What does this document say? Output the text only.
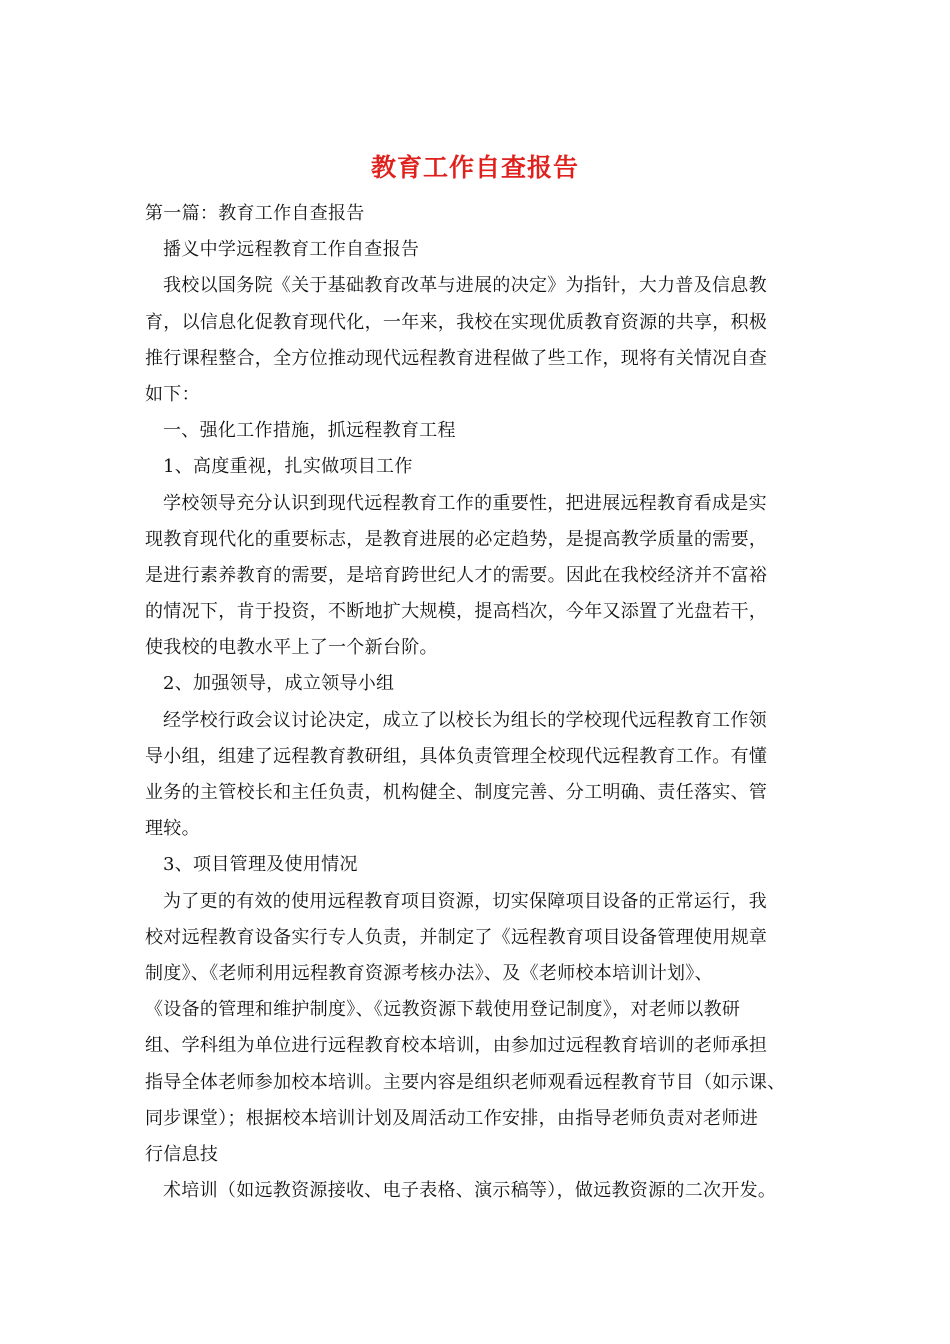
教育工作自查报告
第一篇：教育工作自查报告
播义中学远程教育工作自查报告
我校以国务院《关于基础教育改革与进展的决定》为指针，大力普及信息教
育，以信息化促教育现代化，一年来，我校在实现优质教育资源的共享，积极
推行课程整合，全方位推动现代远程教育进程做了些工作，现将有关情况自查
如下：
一、强化工作措施，抓远程教育工程
1、高度重视，扎实做项目工作
学校领导充分认识到现代远程教育工作的重要性，把进展远程教育看成是实
现教育现代化的重要标志，是教育进展的必定趋势，是提高教学质量的需要，
是进行素养教育的需要，是培育跨世纪人才的需要。因此在我校经济并不富裕
的情况下，肯于投资，不断地扩大规模，提高档次，今年又添置了光盘若干，
使我校的电教水平上了一个新台阶。
2、加强领导，成立领导小组
经学校行政会议讨论决定，成立了以校长为组长的学校现代远程教育工作领
导小组，组建了远程教育教研组，具体负责管理全校现代远程教育工作。有懂
业务的主管校长和主任负责，机构健全、制度完善、分工明确、责任落实、管
理较。
3、项目管理及使用情况
为了更的有效的使用远程教育项目资源，切实保障项目设备的正常运行，我
校对远程教育设备实行专人负责，并制定了《远程教育项目设备管理使用规章
制度》、《老师利用远程教育资源考核办法》、及《老师校本培训计划》、
《设备的管理和维护制度》、《远教资源下载使用登记制度》，对老师以教研
组、学科组为单位进行远程教育校本培训，由参加过远程教育培训的老师承担
指导全体老师参加校本培训。主要内容是组织老师观看远程教育节目（如示课、
同步课堂）；根据校本培训计划及周活动工作安排，由指导老师负责对老师进
行信息技
术培训（如远教资源接收、电子表格、演示稿等），做远教资源的二次开发。
